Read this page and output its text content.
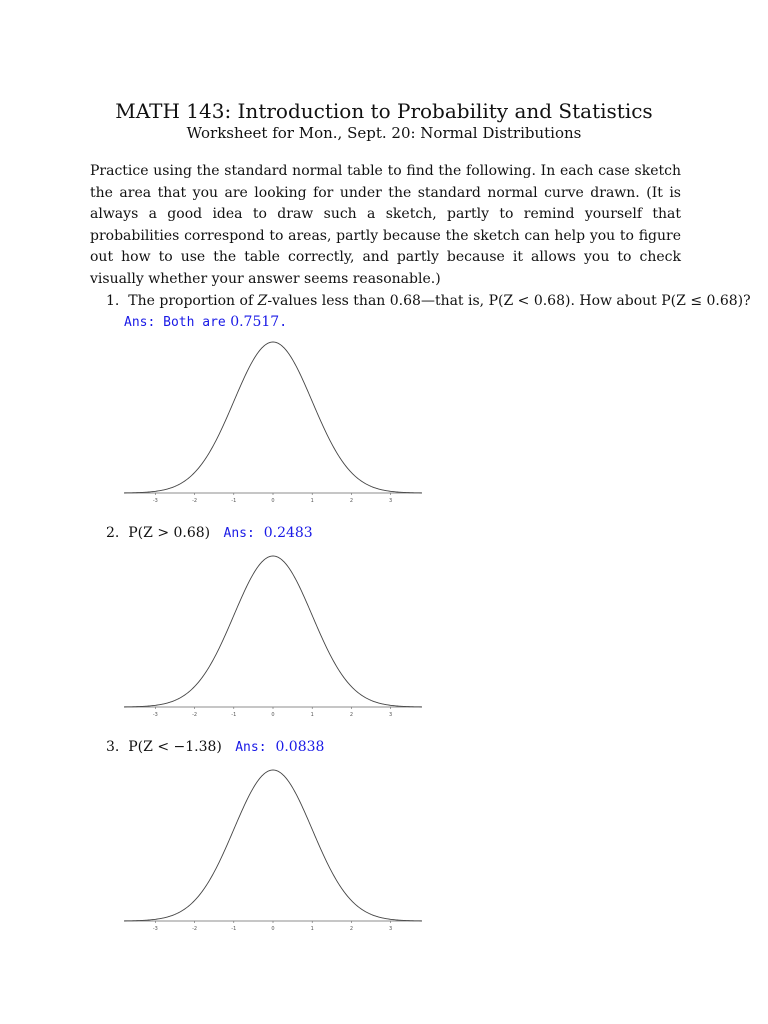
MATH 143: Introduction to Probability and Statistics
Worksheet for Mon., Sept. 20: Normal Distributions

Practice using the standard normal table to find the following. In each case sketch the area that you are looking for under the standard normal curve drawn. (It is always a good idea to draw such a sketch, partly to remind yourself that probabilities correspond to areas, partly because the sketch can help you to figure out how to use the table correctly, and partly because it allows you to check visually whether your answer seems reasonable.)

1. The proportion of Z-values less than 0.68—that is, P(Z < 0.68). How about P(Z ≤ 0.68)?
Ans: Both are 0.7517.
-3	-2	-1	0	1	2	3
2. P(Z > 0.68) Ans: 0.2483
-3	-2	-1	0	1	2	3
3. P(Z < −1.38) Ans: 0.0838
-3	-2	-1	0	1	2	3
